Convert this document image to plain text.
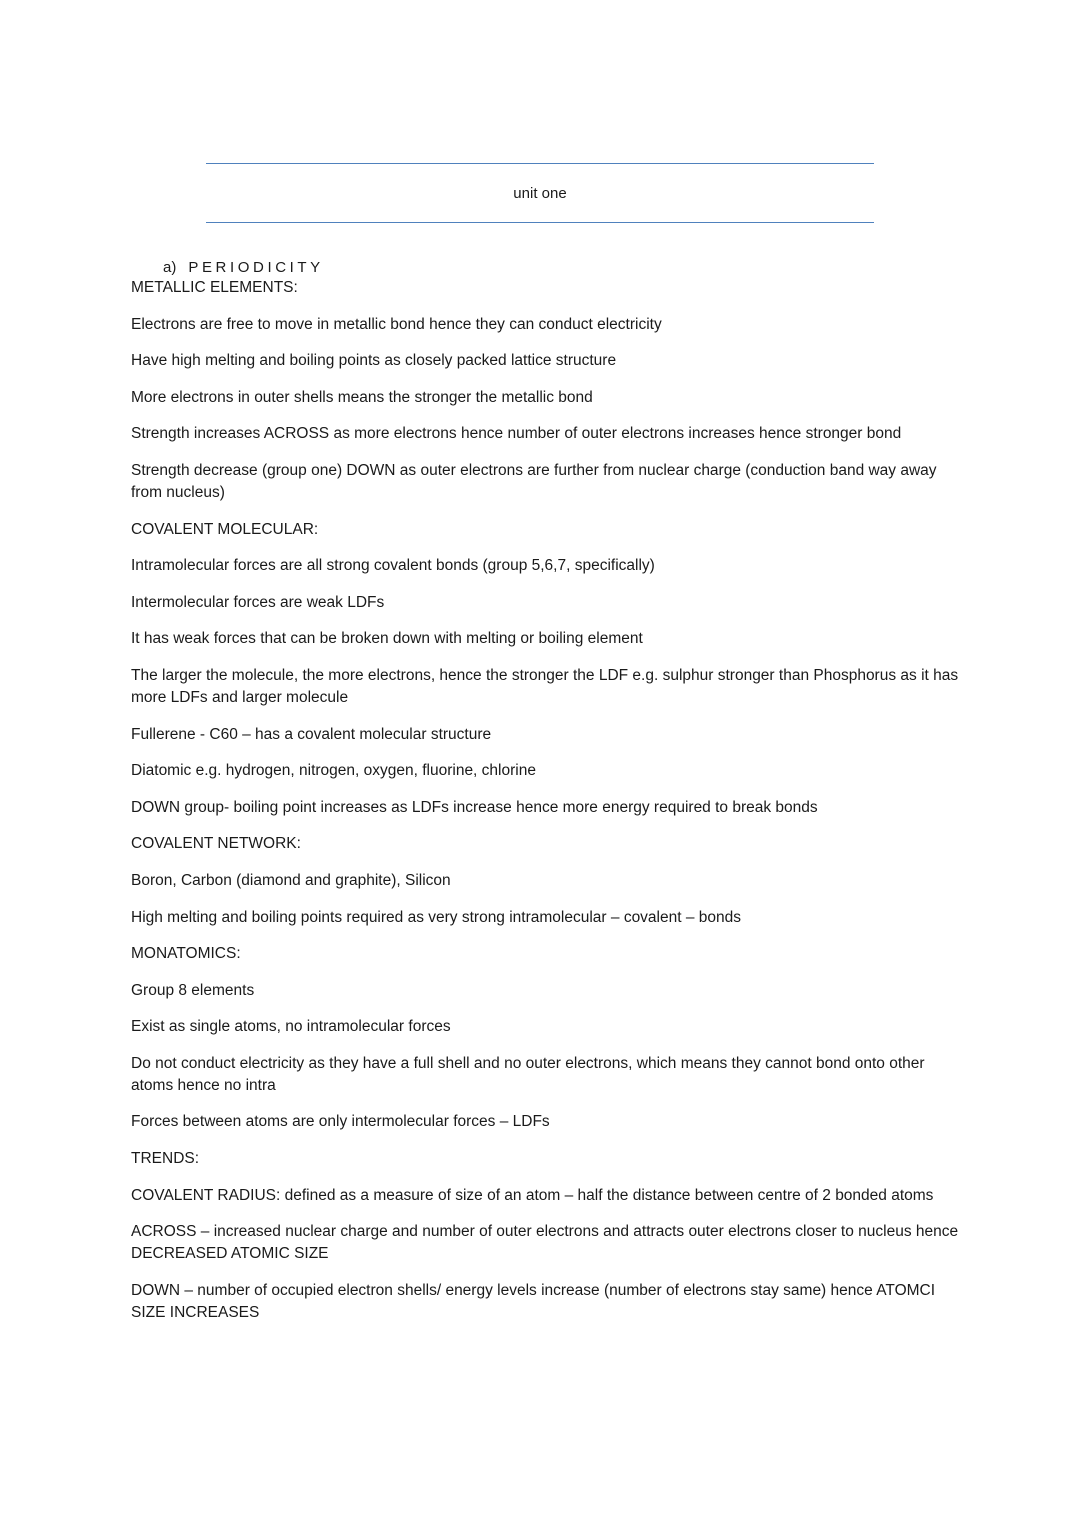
unit one
a) PERIODICITY

METALLIC ELEMENTS:

Electrons are free to move in metallic bond hence they can conduct electricity

Have high melting and boiling points as closely packed lattice structure

More electrons in outer shells means the stronger the metallic bond

Strength increases ACROSS as more electrons hence number of outer electrons increases hence stronger bond

Strength decrease (group one) DOWN as outer electrons are further from nuclear charge (conduction band way away from nucleus)

COVALENT MOLECULAR:

Intramolecular forces are all strong covalent bonds (group 5,6,7, specifically)

Intermolecular forces are weak LDFs

It has weak forces that can be broken down with melting or boiling element

The larger the molecule, the more electrons, hence the stronger the LDF e.g. sulphur stronger than Phosphorus as it has more LDFs and larger molecule

Fullerene - C60 – has a covalent molecular structure

Diatomic e.g. hydrogen, nitrogen, oxygen, fluorine, chlorine

DOWN group- boiling point increases as LDFs increase hence more energy required to break bonds

COVALENT NETWORK:

Boron, Carbon (diamond and graphite), Silicon

High melting and boiling points required as very strong intramolecular – covalent – bonds

MONATOMICS:

Group 8 elements

Exist as single atoms, no intramolecular forces

Do not conduct electricity as they have a full shell and no outer electrons, which means they cannot bond onto other atoms hence no intra

Forces between atoms are only intermolecular forces – LDFs

TRENDS:

COVALENT RADIUS: defined as a measure of size of an atom – half the distance between centre of 2 bonded atoms

ACROSS – increased nuclear charge and number of outer electrons and attracts outer electrons closer to nucleus hence DECREASED ATOMIC SIZE

DOWN – number of occupied electron shells/ energy levels increase (number of electrons stay same) hence ATOMCI SIZE INCREASES
